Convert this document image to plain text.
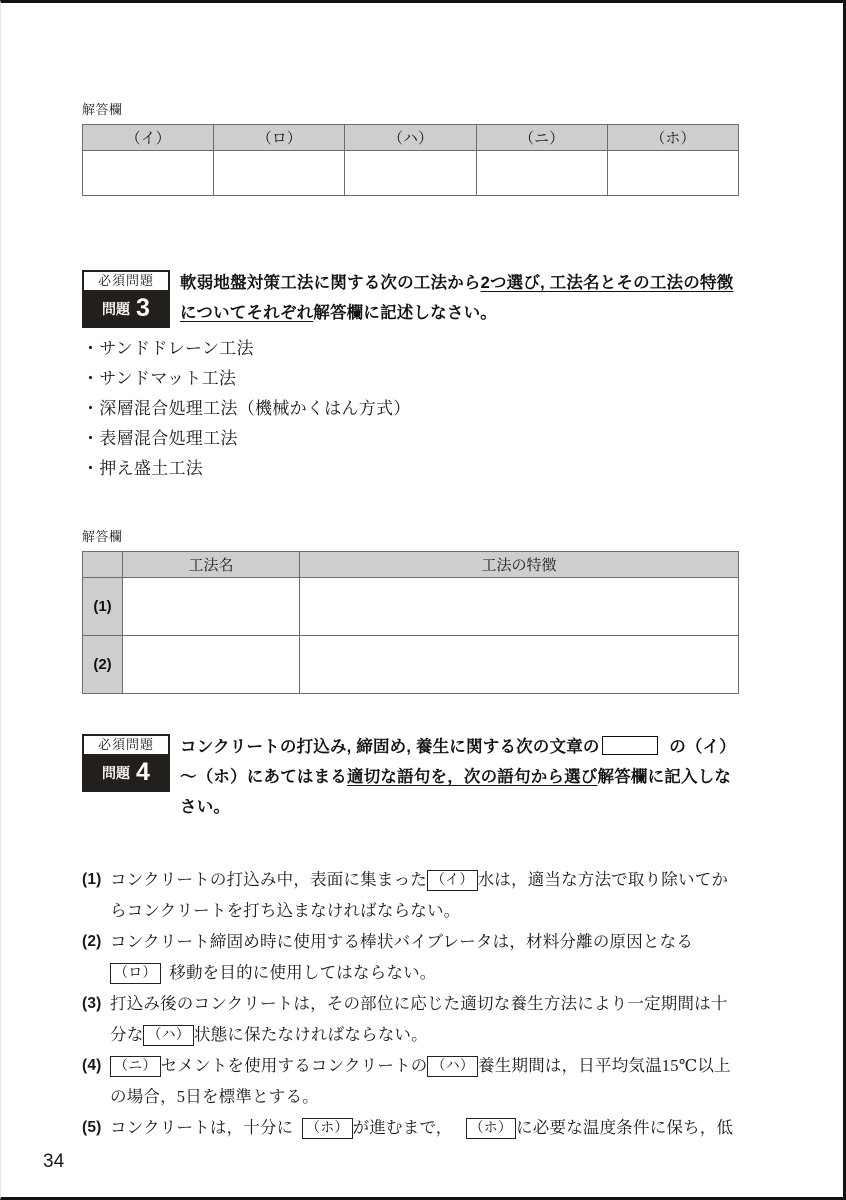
解答欄
（イ）	（ロ）	（ハ）	（ニ）	（ホ）

必須問題
問題 3
軟弱地盤対策工法に関する次の工法から2つ選び, 工法名とその工法の特徴についてそれぞれ解答欄に記述しなさい。
・サンドドレーン工法
・サンドマット工法
・深層混合処理工法（機械かくはん方式）
・表層混合処理工法
・押え盛土工法
解答欄
	工法名	工法の特徴
(1)		
(2)		
必須問題
問題 4
コンクリートの打込み, 締固め, 養生に関する次の文章の	の（イ）～（ホ）にあてはまる適切な語句を，次の語句から選び解答欄に記入しなさい。
(1) コンクリートの打込み中，表面に集まった （イ） 水は，適当な方法で取り除いてからコンクリートを打ち込まなければならない。
(2) コンクリート締固め時に使用する棒状バイブレータは，材料分離の原因となる
（ロ） 移動を目的に使用してはならない。
(3) 打込み後のコンクリートは，その部位に応じた適切な養生方法により一定期間は十
分な （ハ） 状態に保たなければならない。
(4) （ニ） セメントを使用するコンクリートの （ハ） 養生期間は，日平均気温15℃以上
の場合，5日を標準とする。
(5) コンクリートは，十分に （ホ） が進むまで， （ホ） に必要な温度条件に保ち，低
34
